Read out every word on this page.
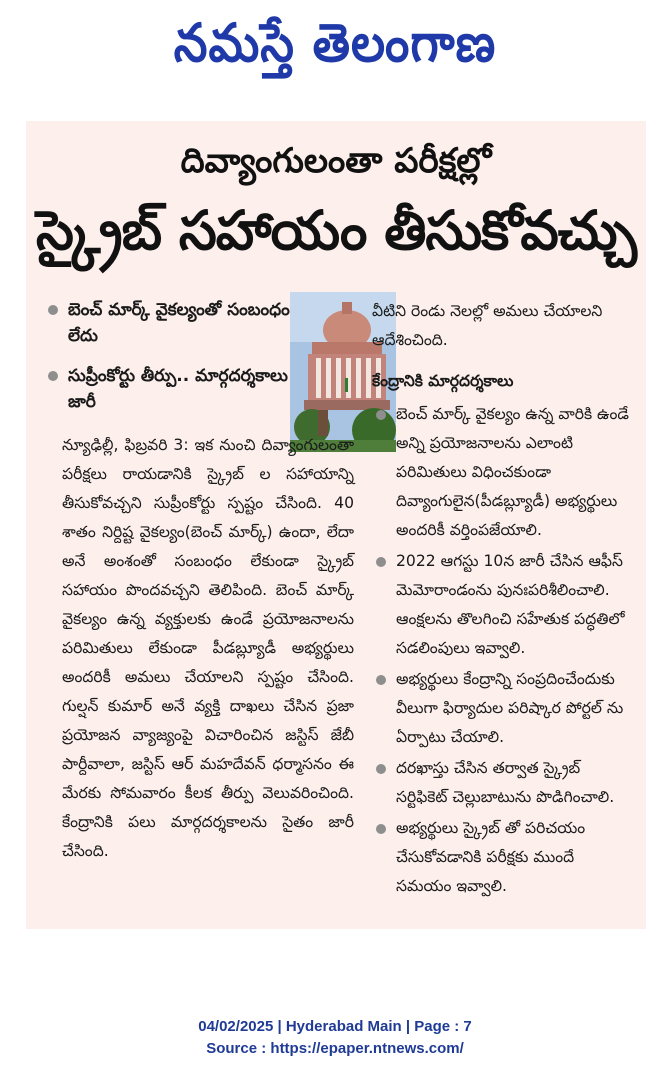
నమస్తే తెలంగాణ
దివ్యాంగులంతా పరీక్షల్లో
స్క్రైబ్ సహాయం తీసుకోవచ్చు
బెంచ్ మార్క్ వైకల్యంతో సంబంధం లేదు
సుప్రీంకోర్టు తీర్పు.. మార్గదర్శకాలు జారీ

న్యూఢిల్లీ, ఫిబ్రవరి 3: ఇక నుంచి దివ్యాంగులంతా పరీక్షలు రాయడానికి స్క్రైబ్ ల సహాయాన్ని తీసుకోవచ్చని సుప్రీంకోర్టు స్పష్టం చేసింది. 40 శాతం నిర్దిష్ట వైకల్యం(బెంచ్ మార్క్) ఉందా, లేదా అనే అంశంతో సంబంధం లేకుండా స్క్రైబ్ సహాయం పొందవచ్చని తెలిపింది. బెంచ్ మార్క్ వైకల్యం ఉన్న వ్యక్తులకు ఉండే ప్రయోజనాలను పరిమితులు లేకుండా పీడబ్ల్యూడీ అభ్యర్థులు అందరికీ అమలు చేయాలని స్పష్టం చేసింది. గుల్షన్ కుమార్ అనే వ్యక్తి దాఖలు చేసిన ప్రజా ప్రయోజన వ్యాజ్యంపై విచారించిన జస్టిస్ జేబీ పార్దీవాలా, జస్టిస్ ఆర్ మహదేవన్ ధర్మాసనం ఈ మేరకు సోమవారం కీలక తీర్పు వెలువరించింది. కేంద్రానికి పలు మార్గదర్శకాలను సైతం జారీ చేసింది.

వీటిని రెండు నెలల్లో అమలు చేయాలని ఆదేశించింది.

కేంద్రానికి మార్గదర్శకాలు

బెంచ్ మార్క్ వైకల్యం ఉన్న వారికి ఉండే అన్ని ప్రయోజనాలను ఎలాంటి పరిమితులు విధించకుండా దివ్యాంగులైన(పీడబ్ల్యూడీ) అభ్యర్థులు అందరికీ వర్తింపజేయాలి.
2022 ఆగస్టు 10న జారీ చేసిన ఆఫీస్ మెమోరాండంను పునఃపరిశీలించాలి. ఆంక్షలను తొలగించి సహేతుక పద్ధతిలో సడలింపులు ఇవ్వాలి.
అభ్యర్థులు కేంద్రాన్ని సంప్రదించేందుకు వీలుగా ఫిర్యాదుల పరిష్కార పోర్టల్ ను ఏర్పాటు చేయాలి.
దరఖాస్తు చేసిన తర్వాత స్క్రైబ్ సర్టిఫికెట్ చెల్లుబాటును పొడిగించాలి.
అభ్యర్థులు స్క్రైబ్ తో పరిచయం చేసుకోవడానికి పరీక్షకు ముందే సమయం ఇవ్వాలి.
04/02/2025 | Hyderabad Main | Page : 7
Source : https://epaper.ntnews.com/
